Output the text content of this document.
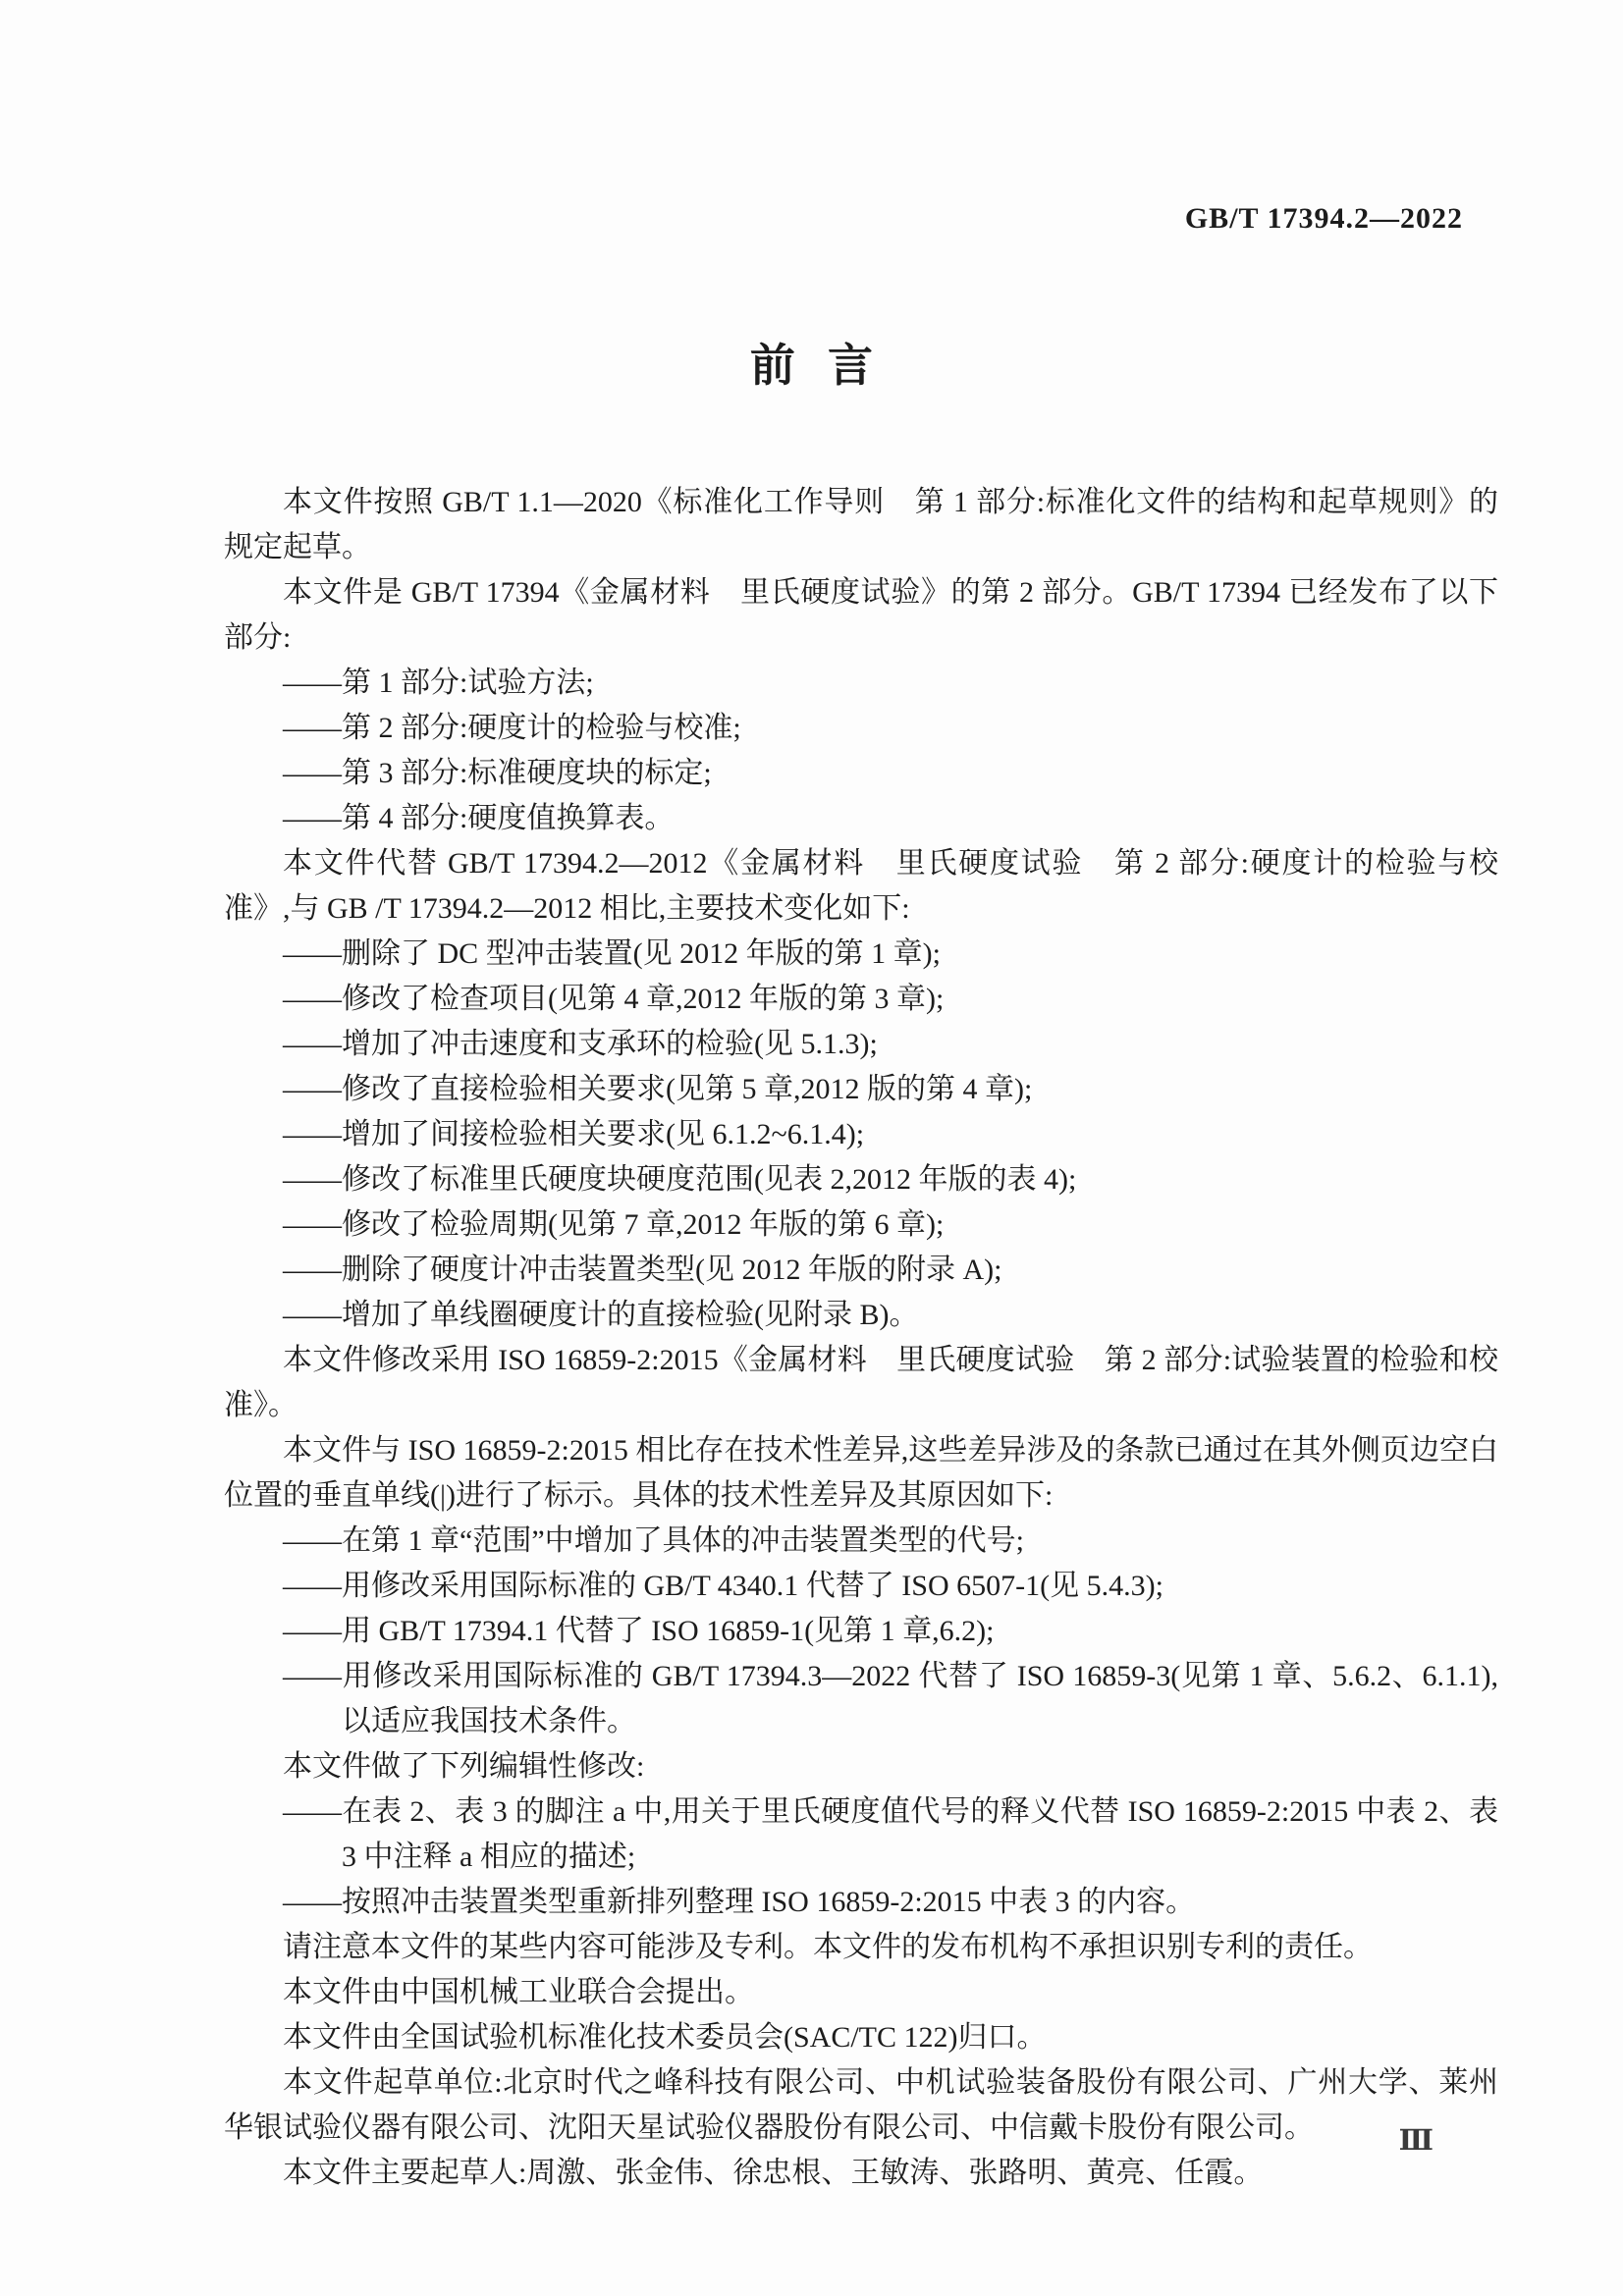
GB/T 17394.2—2022
前言

本文件按照 GB/T 1.1—2020《标准化工作导则　第 1 部分:标准化文件的结构和起草规则》的规定起草。

本文件是 GB/T 17394《金属材料　里氏硬度试验》的第 2 部分。GB/T 17394 已经发布了以下部分:

——第 1 部分:试验方法;

——第 2 部分:硬度计的检验与校准;

——第 3 部分:标准硬度块的标定;

——第 4 部分:硬度值换算表。

本文件代替 GB/T 17394.2—2012《金属材料　里氏硬度试验　第 2 部分:硬度计的检验与校准》,与 GB /T 17394.2—2012 相比,主要技术变化如下:

——删除了 DC 型冲击装置(见 2012 年版的第 1 章);

——修改了检查项目(见第 4 章,2012 年版的第 3 章);

——增加了冲击速度和支承环的检验(见 5.1.3);

——修改了直接检验相关要求(见第 5 章,2012 版的第 4 章);

——增加了间接检验相关要求(见 6.1.2~6.1.4);

——修改了标准里氏硬度块硬度范围(见表 2,2012 年版的表 4);

——修改了检验周期(见第 7 章,2012 年版的第 6 章);

——删除了硬度计冲击装置类型(见 2012 年版的附录 A);

——增加了单线圈硬度计的直接检验(见附录 B)。

本文件修改采用 ISO 16859-2:2015《金属材料　里氏硬度试验　第 2 部分:试验装置的检验和校准》。

本文件与 ISO 16859-2:2015 相比存在技术性差异,这些差异涉及的条款已通过在其外侧页边空白位置的垂直单线(|)进行了标示。具体的技术性差异及其原因如下:

——在第 1 章“范围”中增加了具体的冲击装置类型的代号;

——用修改采用国际标准的 GB/T 4340.1 代替了 ISO 6507-1(见 5.4.3);

——用 GB/T 17394.1 代替了 ISO 16859-1(见第 1 章,6.2);

——用修改采用国际标准的 GB/T 17394.3—2022 代替了 ISO 16859-3(见第 1 章、5.6.2、6.1.1),以适应我国技术条件。

本文件做了下列编辑性修改:

——在表 2、表 3 的脚注 a 中,用关于里氏硬度值代号的释义代替 ISO 16859-2:2015 中表 2、表 3 中注释 a 相应的描述;

——按照冲击装置类型重新排列整理 ISO 16859-2:2015 中表 3 的内容。

请注意本文件的某些内容可能涉及专利。本文件的发布机构不承担识别专利的责任。

本文件由中国机械工业联合会提出。

本文件由全国试验机标准化技术委员会(SAC/TC 122)归口。

本文件起草单位:北京时代之峰科技有限公司、中机试验装备股份有限公司、广州大学、莱州华银试验仪器有限公司、沈阳天星试验仪器股份有限公司、中信戴卡股份有限公司。

本文件主要起草人:周激、张金伟、徐忠根、王敏涛、张路明、黄亮、任霞。

Ⅲ
